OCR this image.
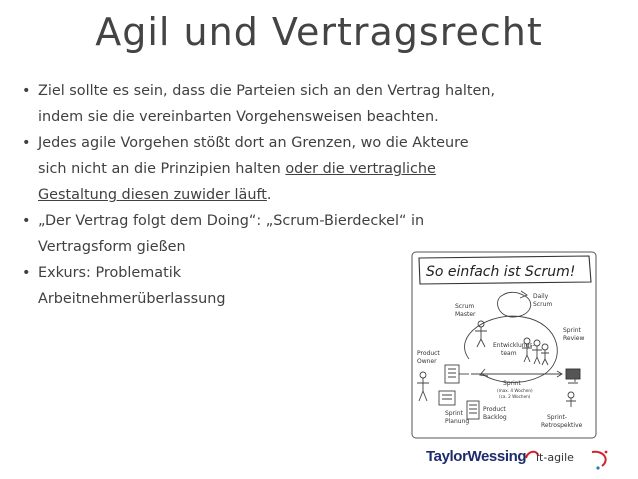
Agil und Vertragsrecht
• Ziel sollte es sein, dass die Parteien sich an den Vertrag halten,
indem sie die vereinbarten Vorgehensweisen beachten.
• Jedes agile Vorgehen stößt dort an Grenzen, wo die Akteure
sich nicht an die Prinzipien halten oder die vertragliche
Gestaltung diesen zuwider läuft.
• „Der Vertrag folgt dem Doing“: „Scrum-Bierdeckel“ in
Vertragsform gießen
• Exkurs: Problematik
Arbeitnehmerüberlassung
So einfach ist Scrum!
Daily
Scrum
Scrum
Master
Entwicklungs-
team
Sprint
Review
Product
Owner
Sprint
(max. 4 Wochen)
(ca. 2 Wochen)
Sprint
Planung
Product
Backlog	Sprint-
Retrospektive
TaylorWessing it-agile
